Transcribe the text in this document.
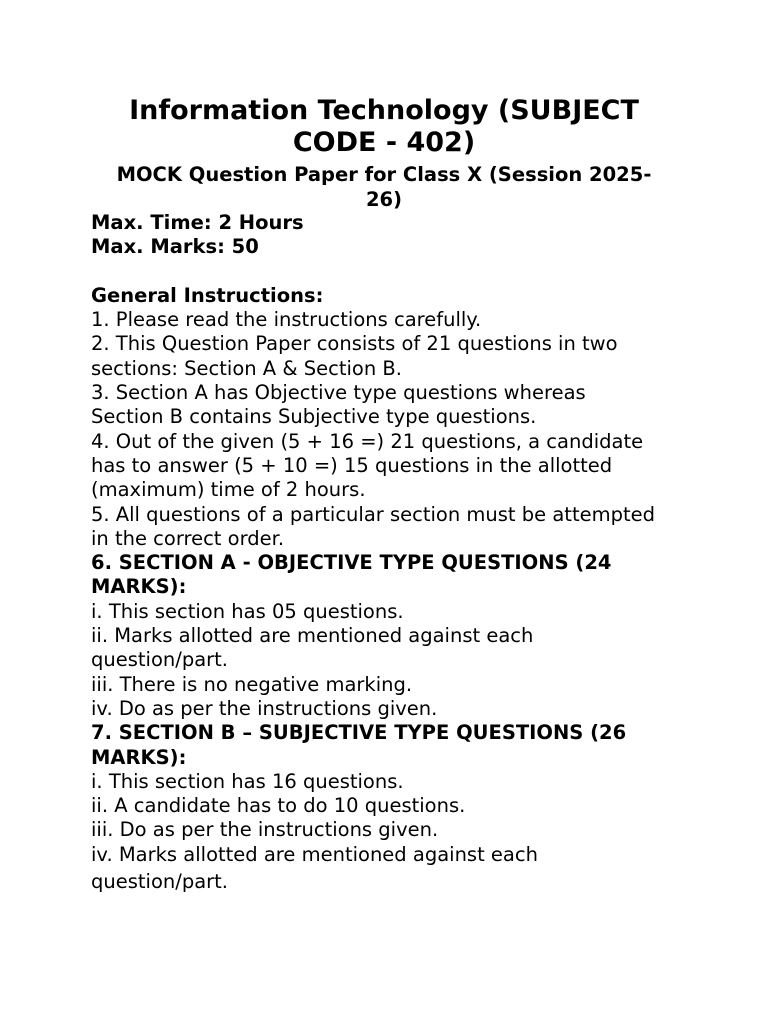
Information Technology (SUBJECT
CODE - 402)
MOCK Question Paper for Class X (Session 2025-
26)
Max. Time: 2 Hours
Max. Marks: 50
General Instructions:
1. Please read the instructions carefully.
2. This Question Paper consists of 21 questions in two
sections: Section A & Section B.
3. Section A has Objective type questions whereas
Section B contains Subjective type questions.
4. Out of the given (5 + 16 =) 21 questions, a candidate
has to answer (5 + 10 =) 15 questions in the allotted
(maximum) time of 2 hours.
5. All questions of a particular section must be attempted
in the correct order.
6. SECTION A - OBJECTIVE TYPE QUESTIONS (24
MARKS):
i. This section has 05 questions.
ii. Marks allotted are mentioned against each
question/part.
iii. There is no negative marking.
iv. Do as per the instructions given.
7. SECTION B – SUBJECTIVE TYPE QUESTIONS (26
MARKS):
i. This section has 16 questions.
ii. A candidate has to do 10 questions.
iii. Do as per the instructions given.
iv. Marks allotted are mentioned against each
question/part.
